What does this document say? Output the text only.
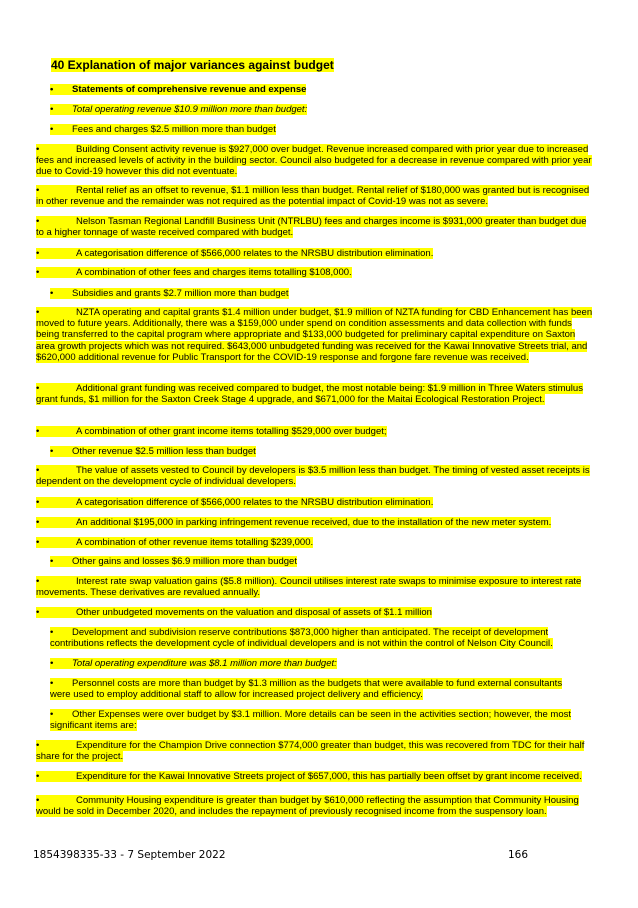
40 Explanation of major variances against budget

• Statements of comprehensive revenue and expense

• Total operating revenue $10.9 million more than budget:

• Fees and charges $2.5 million more than budget

•	Building Consent activity revenue is $927,000 over budget. Revenue increased compared with prior year due to increased fees and increased levels of activity in the building sector. Council also budgeted for a decrease in revenue compared with prior year due to Covid-19 however this did not eventuate.

•	Rental relief as an offset to revenue, $1.1 million less than budget. Rental relief of $180,000 was granted but is recognised in other revenue and the remainder was not required as the potential impact of Covid-19 was not as severe.

•	Nelson Tasman Regional Landfill Business Unit (NTRLBU) fees and charges income is $931,000 greater than budget due to a higher tonnage of waste received compared with budget.

•	A categorisation difference of $566,000 relates to the NRSBU distribution elimination.

•	A combination of other fees and charges items totalling $108,000.

• Subsidies and grants $2.7 million more than budget

•	NZTA operating and capital grants $1.4 million under budget, $1.9 million of NZTA funding for CBD Enhancement has been moved to future years. Additionally, there was a $159,000 under spend on condition assessments and data collection with funds being transferred to the capital program where appropriate and $133,000 budgeted for preliminary capital expenditure on Saxton area growth projects which was not required. $643,000 unbudgeted funding was received for the Kawai Innovative Streets trial, and $620,000 additional revenue for Public Transport for the COVID-19 response and forgone fare revenue was received.

•	Additional grant funding was received compared to budget, the most notable being: $1.9 million in Three Waters stimulus grant funds, $1 million for the Saxton Creek Stage 4 upgrade, and $671,000 for the Maitai Ecological Restoration Project.

•	A combination of other grant income items totalling $529,000 over budget;

• Other revenue $2.5 million less than budget

•	The value of assets vested to Council by developers is $3.5 million less than budget. The timing of vested asset receipts is dependent on the development cycle of individual developers.

•	A categorisation difference of $566,000 relates to the NRSBU distribution elimination.

•	An additional $195,000 in parking infringement revenue received, due to the installation of the new meter system.

•	A combination of other revenue items totalling $239,000.

• Other gains and losses $6.9 million more than budget

•	Interest rate swap valuation gains ($5.8 million). Council utilises interest rate swaps to minimise exposure to interest rate movements. These derivatives are revalued annually.

•	Other unbudgeted movements on the valuation and disposal of assets of $1.1 million

• Development and subdivision reserve contributions $873,000 higher than anticipated. The receipt of development contributions reflects the development cycle of individual developers and is not within the control of Nelson City Council.

• Total operating expenditure was $8.1 million more than budget:

• Personnel costs are more than budget by $1.3 million as the budgets that were available to fund external consultants were used to employ additional staff to allow for increased project delivery and efficiency.

• Other Expenses were over budget by $3.1 million. More details can be seen in the activities section; however, the most significant items are:

•	Expenditure for the Champion Drive connection $774,000 greater than budget, this was recovered from TDC for their half share for the project.

•	Expenditure for the Kawai Innovative Streets project of $657,000, this has partially been offset by grant income received.

•	Community Housing expenditure is greater than budget by $610,000 reflecting the assumption that Community Housing would be sold in December 2020, and includes the repayment of previously recognised income from the suspensory loan.

1854398335-33 - 7 September 2022	166
